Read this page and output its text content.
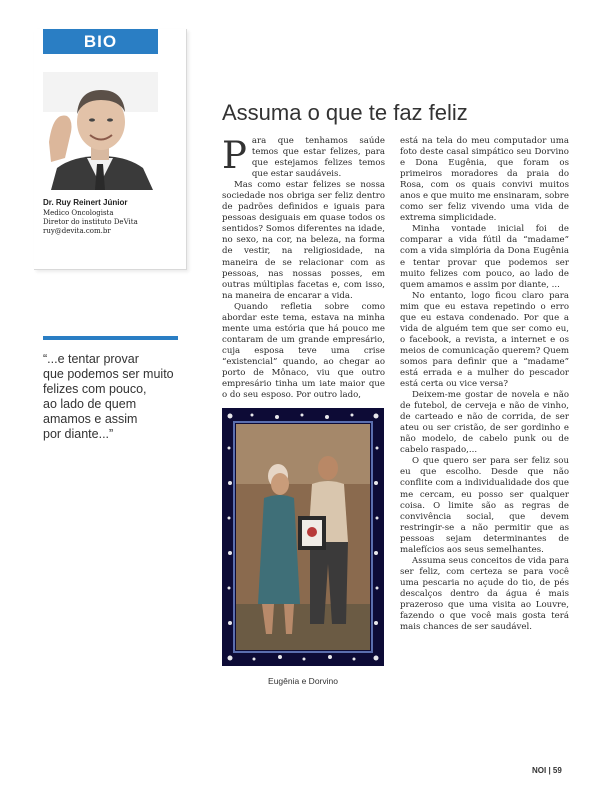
BIO
Dr. Ruy Reinert Júnior
Medico Oncologista
Diretor do instituto DeVita
ruy@devita.com.br
“...e tentar provar
que podemos ser muito
felizes com pouco,
ao lado de quem
amamos e assim
por diante...”
Assuma o que te faz feliz

Para que tenhamos saúde temos que estar felizes, para que estejamos felizes temos que estar saudáveis.

Mas como estar felizes se nossa sociedade nos obriga ser feliz dentro de padrões definidos e iguais para pessoas desiguais em quase todos os sentidos? Somos diferentes na idade, no sexo, na cor, na beleza, na forma de vestir, na religiosidade, na maneira de se relacionar com as pessoas, nas nossas posses, em outras múltiplas facetas e, com isso, na maneira de encarar a vida.

Quando refletia sobre como abordar este tema, estava na minha mente uma estória que há pouco me contaram de um grande empresário, cuja esposa teve uma crise “existencial” quando, ao chegar ao porto de Mônaco, viu que outro empresário tinha um iate maior que o do seu esposo. Por outro lado,

está na tela do meu computador uma foto deste casal simpático seu Dorvino e Dona Eugênia, que foram os primeiros moradores da praia do Rosa, com os quais convivi muitos anos e que muito me ensinaram, sobre como ser feliz vivendo uma vida de extrema simplicidade.

Minha vontade inicial foi de comparar a vida fútil da “madame” com a vida simplória da Dona Eugênia e tentar provar que podemos ser muito felizes com pouco, ao lado de quem amamos e assim por diante, ...

No entanto, logo ficou claro para mim que eu estava repetindo o erro que eu estava condenado. Por que a vida de alguém tem que ser como eu, o facebook, a revista, a internet e os meios de comunicação querem? Quem somos para definir que a “madame” está errada e a mulher do pescador está certa ou vice versa?

Deixem-me gostar de novela e não de futebol, de cerveja e não de vinho, de carteado e não de corrida, de ser ateu ou ser cristão, de ser gordinho e não modelo, de cabelo punk ou de cabelo raspado,...

O que quero ser para ser feliz sou eu que escolho. Desde que não conflite com a individualidade dos que me cercam, eu posso ser qualquer coisa. O limite são as regras de convivência social, que devem restringir-se a não permitir que as pessoas sejam determinantes de malefícios aos seus semelhantes.

Assuma seus conceitos de vida para ser feliz, com certeza se para você uma pescaria no açude do tio, de pés descalços dentro da água é mais prazeroso que uma visita ao Louvre, fazendo o que você mais gosta terá mais chances de ser saudável.

Eugênia e Dorvino
NOI | 59
